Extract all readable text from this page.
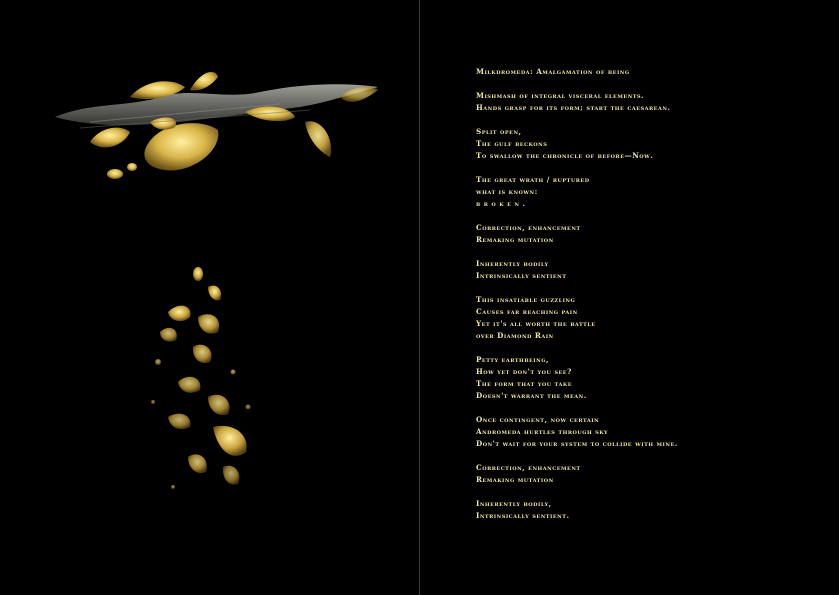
Milkdromeda: Amalgamation of being
Mishmash of integral visceral elements.
Hands grasp for its form; start the caesarean.
Split open,
The gulf beckons
To swallow the chronicle of before—Now.
The great wrath / ruptured
what is known:
b r o k e n .
Correction, enhancement
Remaking mutation
Inherently bodily
Intrinsically sentient
This insatiable guzzling
Causes far reaching pain
Yet it's all worth the battle
over Diamond Rain
Petty earthbeing,
How yet don't you see?
The form that you take
Doesn't warrant the mean.
Once contingent, now certain
Andromeda hurtles through sky
Don't wait for your system to collide with mine.
Correction, enhancement
Remaking mutation
Inherently bodily,
Intrinsically sentient.
